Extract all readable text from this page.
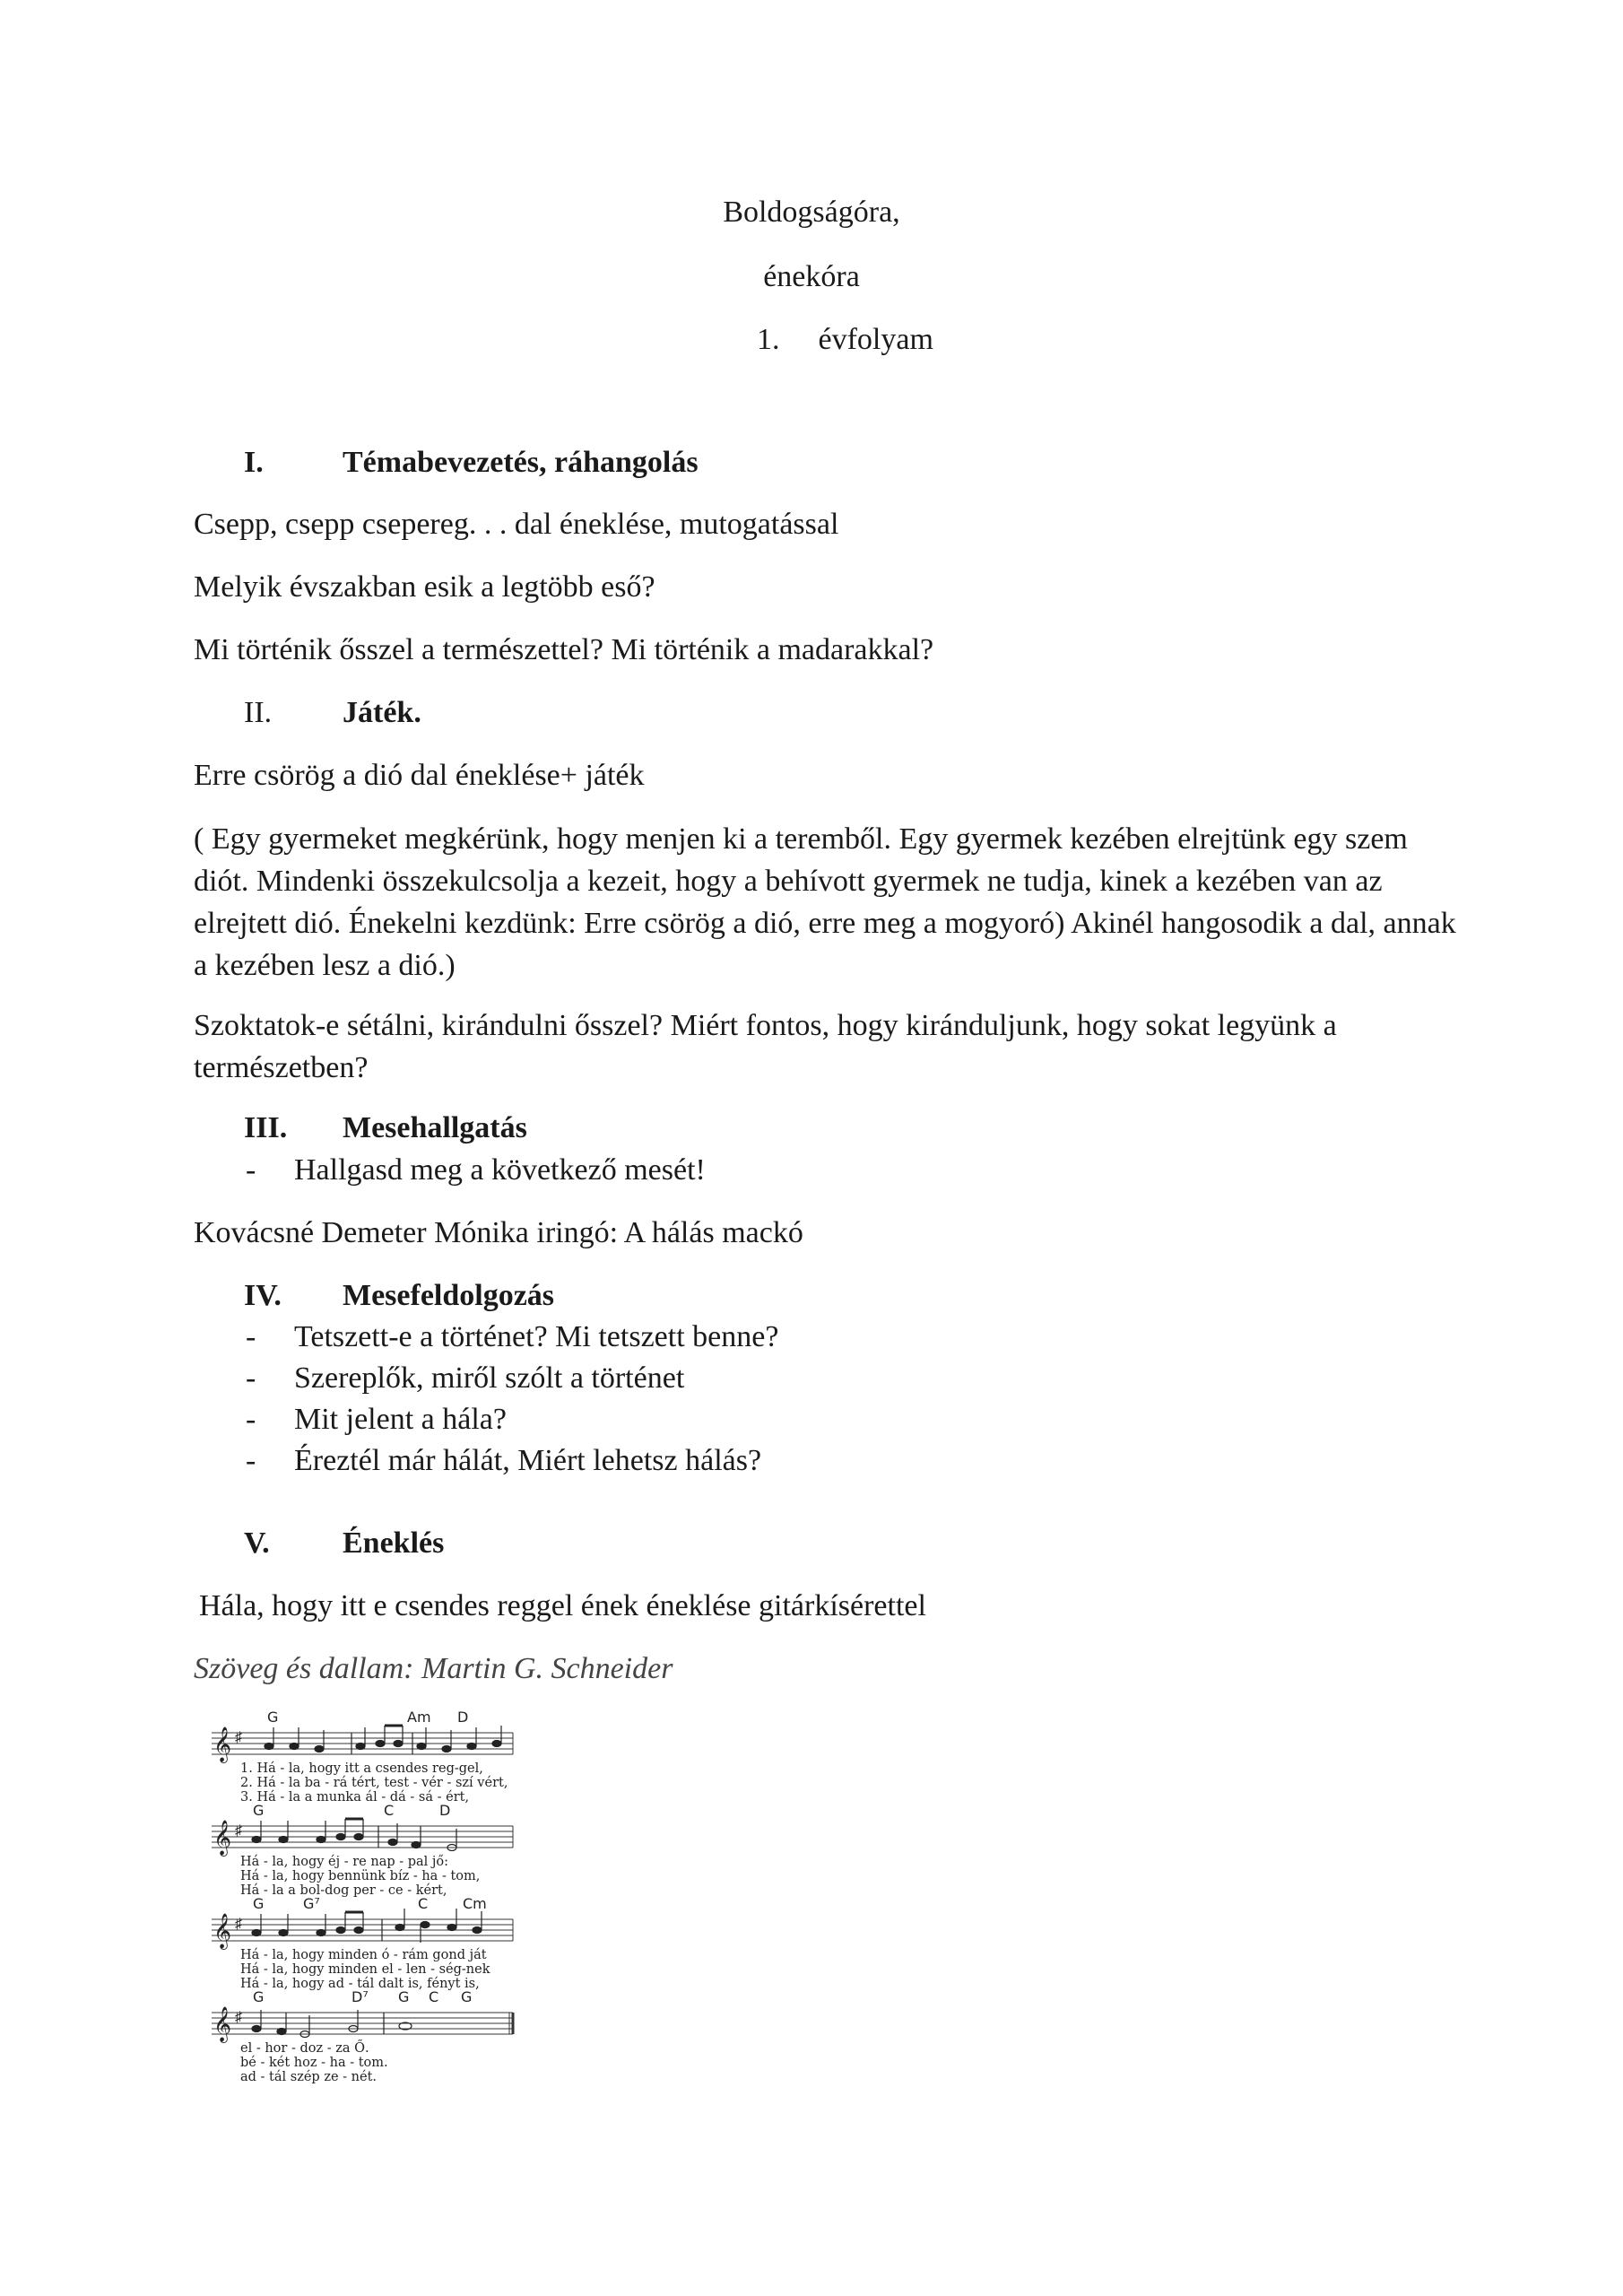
Boldogságóra,
énekóra
1. évfolyam
I.	Témabevezetés, ráhangolás
Csepp, csepp csepereg. . . dal éneklése, mutogatással
Melyik évszakban esik a legtöbb eső?
Mi történik ősszel a természettel? Mi történik a madarakkal?
II. Játék.
Erre csörög a dió dal éneklése+ játék
( Egy gyermeket megkérünk, hogy menjen ki a teremből. Egy gyermek kezében elrejtünk egy szem diót. Mindenki összekulcsolja a kezeit, hogy a behívott gyermek ne tudja, kinek a kezében van az elrejtett dió. Énekelni kezdünk: Erre csörög a dió, erre meg a mogyoró) Akinél hangosodik a dal, annak a kezében lesz a dió.)
Szoktatok-e sétálni, kirándulni ősszel? Miért fontos, hogy kiránduljunk, hogy sokat legyünk a természetben?
III. Mesehallgatás
- Hallgasd meg a következő mesét!
Kovácsné Demeter Mónika iringó: A hálás mackó
IV. Mesefeldolgozás
- Tetszett-e a történet? Mi tetszett benne?
- Szereplők, miről szólt a történet
- Mit jelent a hála?
- Éreztél már hálát, Miért lehetsz hálás?
V. Éneklés
Hála, hogy itt e csendes reggel ének éneklése gitárkísérettel
Szöveg és dallam: Martin G. Schneider
G	Am D
𝄞 ♯
1. Há - la, hogy itt a csendes reg-gel,
2. Há - la ba - rá tért, test - vér - szí vért,
3. Há - la a munka ál - dá - sá - ért,
G	C	D
𝄞 ♯
Há - la, hogy éj - re nap - pal jő:
Há - la, hogy bennünk bíz - ha - tom,
Há - la a bol-dog per - ce - kért,
G	G⁷	C Cm
𝄞 ♯
Há - la, hogy minden ó - rám gond ját
Há - la, hogy minden el - len - ség-nek
Há - la, hogy ad - tál dalt is, fényt is,
G	D⁷ G C G
𝄞 ♯
el - hor - doz - za Ő.
bé - két hoz - ha - tom.
ad - tál szép ze - nét.
